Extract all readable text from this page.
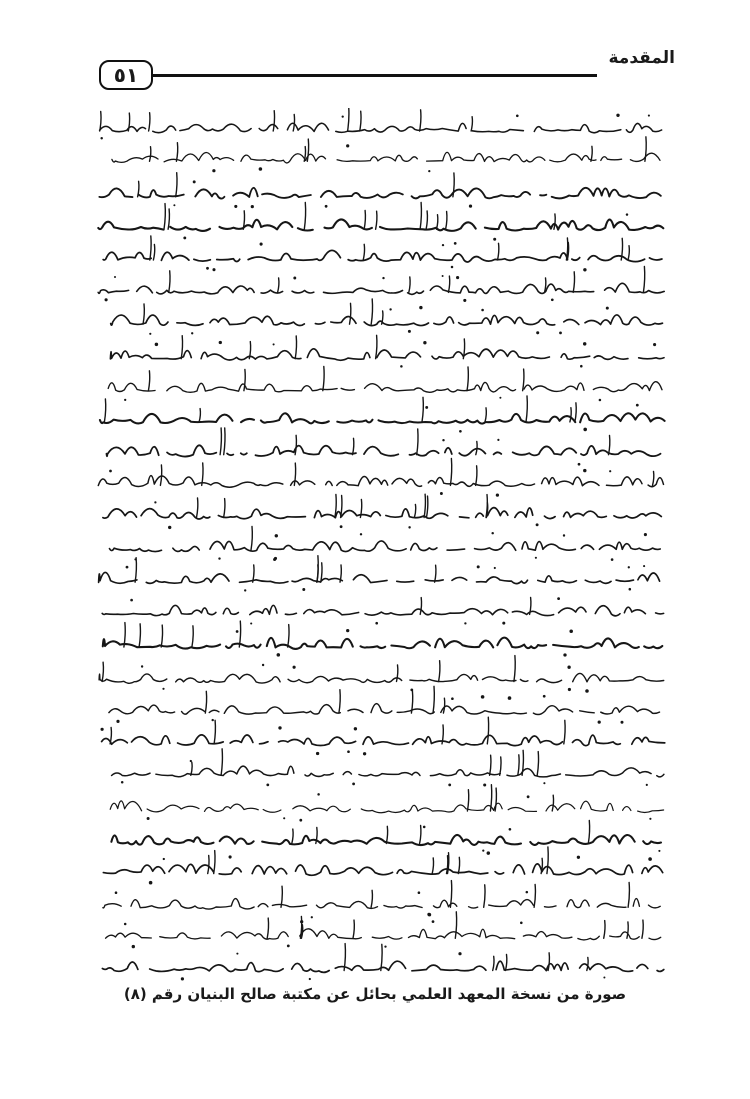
٥١
المقدمة
صورة من نسخة المعهد العلمي بحائل عن مكتبة صالح البنيان رقم (٨)
